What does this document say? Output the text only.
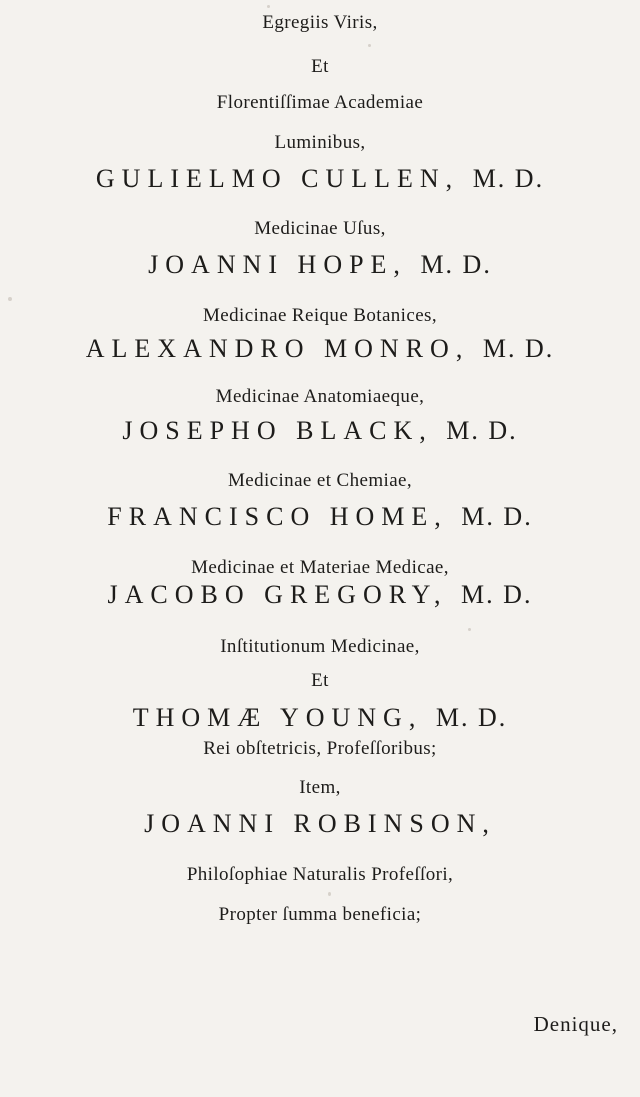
Egregiis Viris,
Et
Florentiſſimae Academiae
Luminibus,
GULIELMO CULLEN, M. D.
Medicinae Uſus,
JOANNI HOPE, M. D.
Medicinae Reique Botanices,
ALEXANDRO MONRO, M. D.
Medicinae Anatomiaeque,
JOSEPHO BLACK, M. D.
Medicinae et Chemiae,
FRANCISCO HOME, M. D.
Medicinae et Materiae Medicae,
JACOBO GREGORY, M. D.
Inſtitutionum Medicinae,
Et
THOMÆ YOUNG, M. D.
Rei obſtetricis, Profeſſoribus;
Item,
JOANNI ROBINSON,
Philoſophiae Naturalis Profeſſori,
Propter ſumma beneficia;
Denique,
